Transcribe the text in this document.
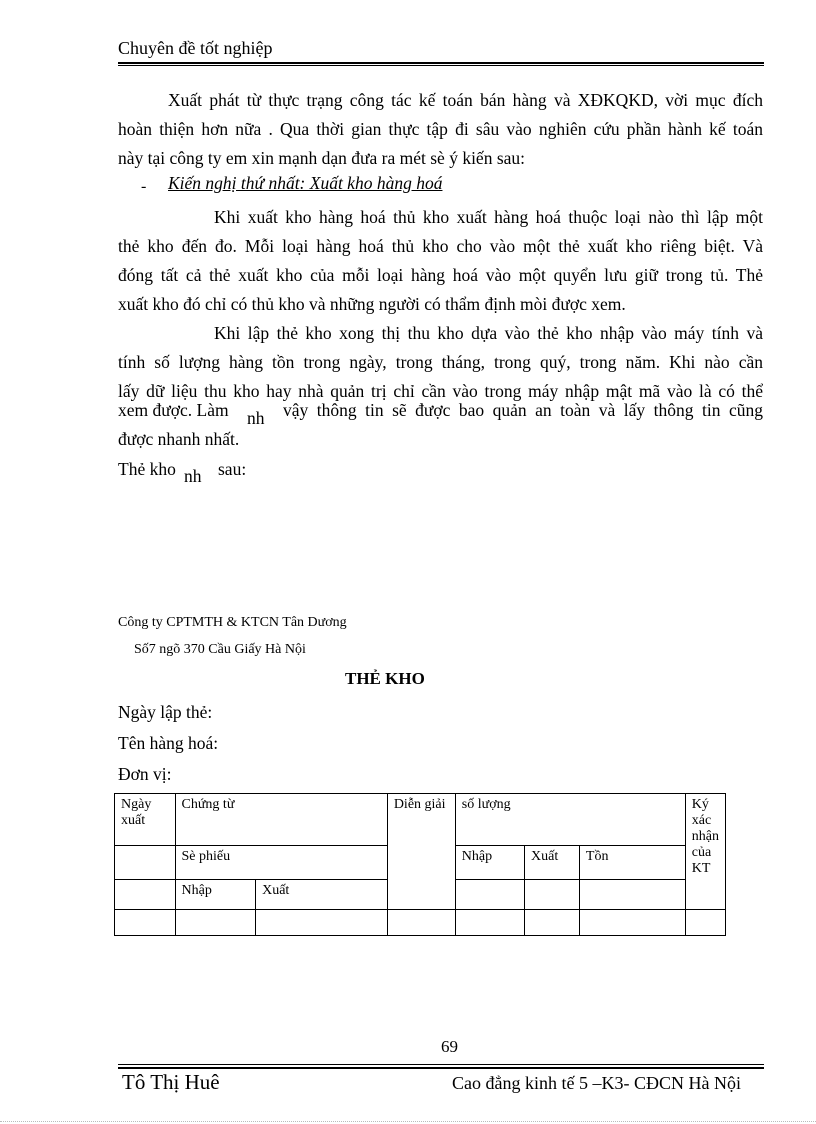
Chuyên đề tốt nghiệp
Xuất phát từ thực trạng công tác kế toán bán hàng và XĐKQKD, vời mục đích
hoàn thiện hơn nữa . Qua thời gian thực tập đi sâu vào nghiên cứu phần hành kế toán
này tại công ty em xin mạnh dạn đưa ra mét sè ý kiến sau:
- Kiến nghị thứ nhất: Xuất kho hàng hoá
Khi xuất kho hàng hoá thủ kho xuất hàng hoá thuộc loại nào thì lập một
thẻ kho đến đo. Mỗi loại hàng hoá thủ kho cho vào một thẻ xuất kho riêng biệt. Và
đóng tất cả thẻ xuất kho của mỗi loại hàng hoá vào một quyển lưu giữ trong tủ. Thẻ
xuất kho đó chỉ có thủ kho và những người có thẩm định mòi được xem.
Khi lập thẻ kho xong thị thu kho dựa vào thẻ kho nhập vào máy tính và
tính số lượng hàng tồn trong ngày, trong tháng, trong quý, trong năm. Khi nào cần
lấy dữ liệu thu kho hay nhà quản trị chỉ cần vào trong máy nhập mật mã vào là có thể
xem được. Làm nh vậy thông tin sẽ được bao quản an toàn và lấy thông tin cũng
được nhanh nhất.
Thẻ kho nh sau:
Công ty CPTMTH & KTCN Tân Dương
Số7 ngõ 370 Cầu Giấy Hà Nội
THẺ KHO
Ngày lập thẻ:
Tên hàng hoá:
Đơn vị:
Ngày xuất	Chứng từ		Diễn giải	số lượng			Ký xác nhận của KT
	Sè phiếu			Nhập	Xuất	Tồn	
	Nhập	Xuất					

69
Tô Thị Huê	Cao đẳng kinh tế 5 –K3- CĐCN Hà Nội
